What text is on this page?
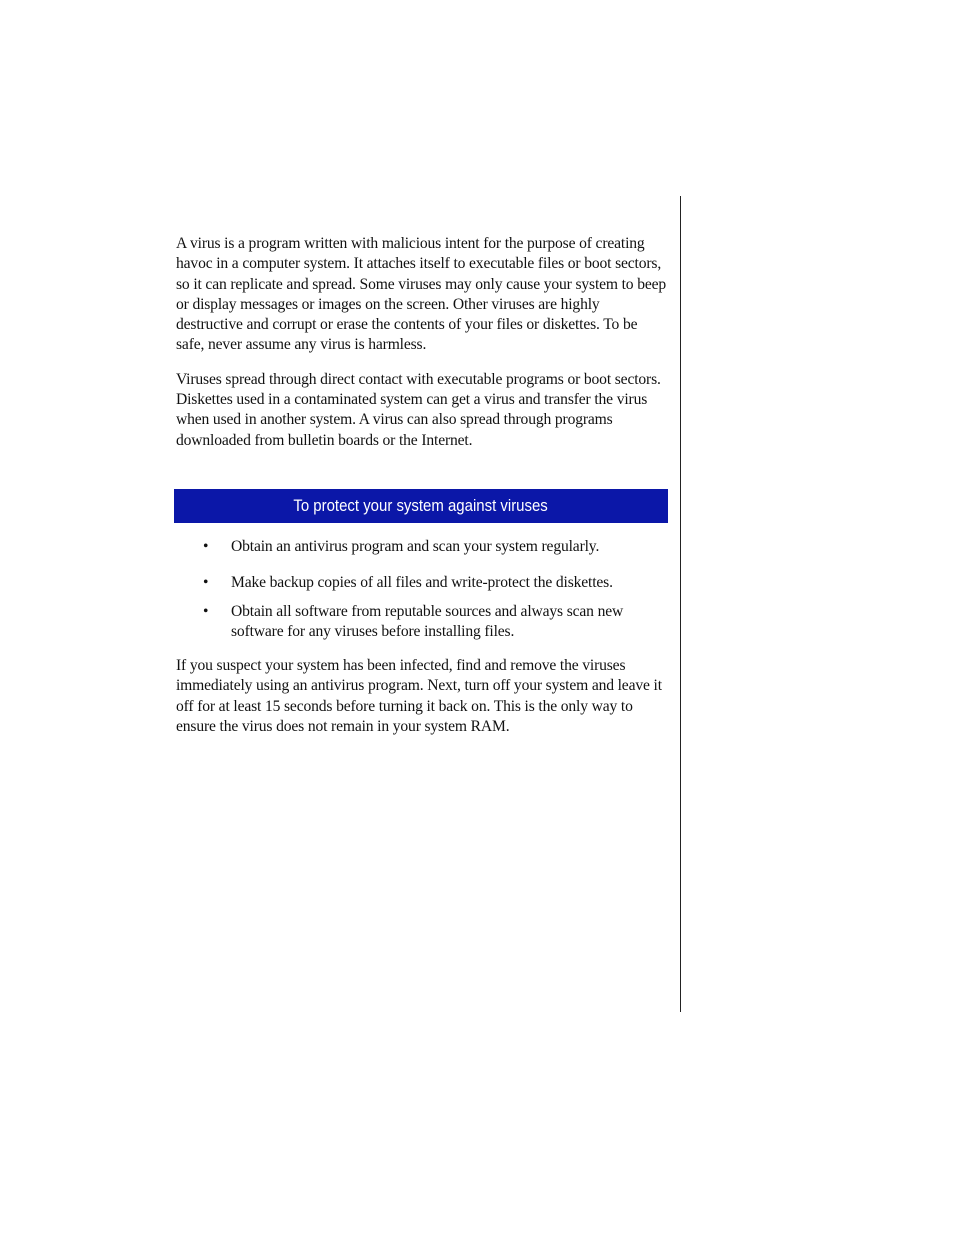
A virus is a program written with malicious intent for the purpose of creating havoc in a computer system. It attaches itself to executable files or boot sectors, so it can replicate and spread. Some viruses may only cause your system to beep or display messages or images on the screen. Other viruses are highly destructive and corrupt or erase the contents of your files or diskettes. To be safe, never assume any virus is harmless.

Viruses spread through direct contact with executable programs or boot sectors. Diskettes used in a contaminated system can get a virus and transfer the virus when used in another system. A virus can also spread through programs downloaded from bulletin boards or the Internet.

To protect your system against viruses
• Obtain an antivirus program and scan your system regularly.
• Make backup copies of all files and write-protect the diskettes.
• Obtain all software from reputable sources and always scan new software for any viruses before installing files.

If you suspect your system has been infected, find and remove the viruses immediately using an antivirus program. Next, turn off your system and leave it off for at least 15 seconds before turning it back on. This is the only way to ensure the virus does not remain in your system RAM.
